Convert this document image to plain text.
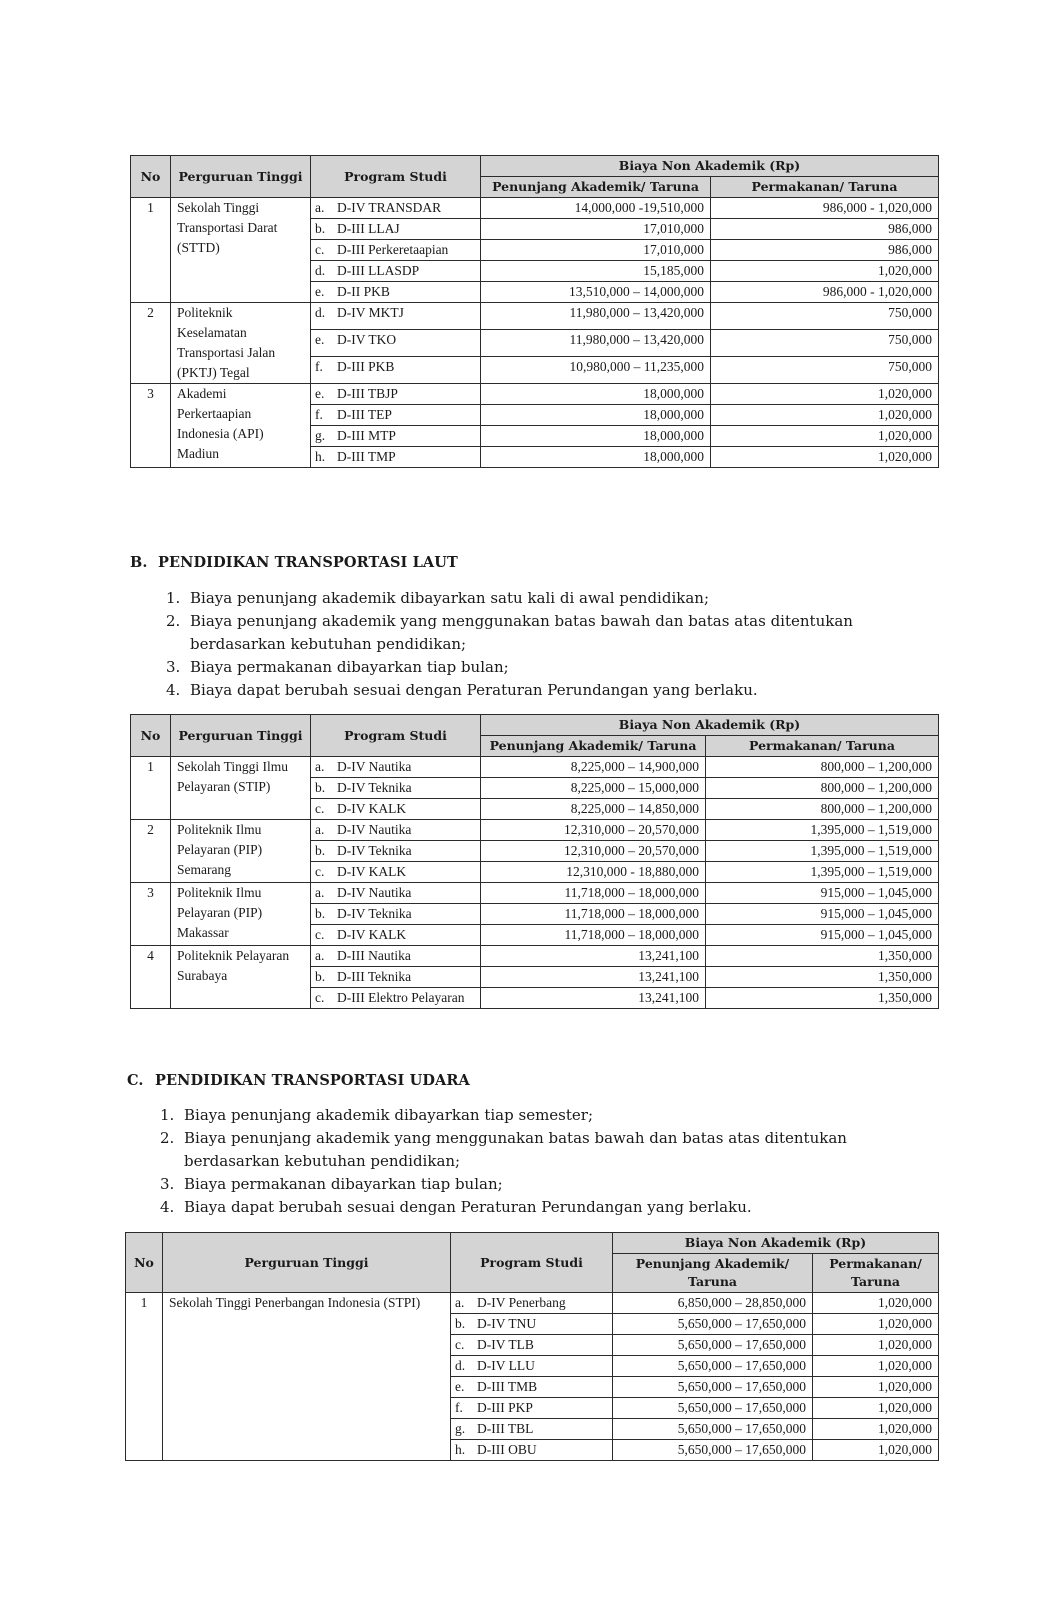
No	Perguruan Tinggi	Program Studi	Biaya Non Akademik (Rp)	
			Penunjang Akademik/ Taruna	Permakanan/ Taruna
1	Sekolah Tinggi Transportasi Darat (STTD)	a. D-IV TRANSDAR	14,000,000 -19,510,000	986,000 - 1,020,000

		b. D-III LLAJ	17,010,000	986,000

		c. D-III Perkeretaapian	17,010,000	986,000

		d. D-III LLASDP	15,185,000	1,020,000

		e. D-II PKB	13,510,000 – 14,000,000	986,000 - 1,020,000
2	Politeknik Keselamatan Transportasi Jalan (PKTJ) Tegal	d. D-IV MKTJ	11,980,000 – 13,420,000	750,000

		e. D-IV TKO	11,980,000 – 13,420,000	750,000

		f. D-III PKB	10,980,000 – 11,235,000	750,000
3	Akademi Perkertaapian Indonesia (API) Madiun	e. D-III TBJP	18,000,000	1,020,000

		f. D-III TEP	18,000,000	1,020,000

		g. D-III MTP	18,000,000	1,020,000

		h. D-III TMP	18,000,000	1,020,000
B. PENDIDIKAN TRANSPORTASI LAUT
1. Biaya penunjang akademik dibayarkan satu kali di awal pendidikan;
2. Biaya penunjang akademik yang menggunakan batas bawah dan batas atas ditentukan berdasarkan kebutuhan pendidikan;
3. Biaya permakanan dibayarkan tiap bulan;
4. Biaya dapat berubah sesuai dengan Peraturan Perundangan yang berlaku.
No	Perguruan Tinggi	Program Studi	Biaya Non Akademik (Rp)	
			Penunjang Akademik/ Taruna	Permakanan/ Taruna
1	Sekolah Tinggi Ilmu Pelayaran (STIP)	a. D-IV Nautika	8,225,000 – 14,900,000	800,000 – 1,200,000

		b. D-IV Teknika	8,225,000 – 15,000,000	800,000 – 1,200,000

		c. D-IV KALK	8,225,000 – 14,850,000	800,000 – 1,200,000
2	Politeknik Ilmu Pelayaran (PIP) Semarang	a. D-IV Nautika	12,310,000 – 20,570,000	1,395,000 – 1,519,000

		b. D-IV Teknika	12,310,000 – 20,570,000	1,395,000 – 1,519,000

		c. D-IV KALK	12,310,000 - 18,880,000	1,395,000 – 1,519,000
3	Politeknik Ilmu Pelayaran (PIP) Makassar	a. D-IV Nautika	11,718,000 – 18,000,000	915,000 – 1,045,000

		b. D-IV Teknika	11,718,000 – 18,000,000	915,000 – 1,045,000

		c. D-IV KALK	11,718,000 – 18,000,000	915,000 – 1,045,000
4	Politeknik Pelayaran Surabaya	a. D-III Nautika	13,241,100	1,350,000

		b. D-III Teknika	13,241,100	1,350,000

		c. D-III Elektro Pelayaran	13,241,100	1,350,000
C. PENDIDIKAN TRANSPORTASI UDARA
1. Biaya penunjang akademik dibayarkan tiap semester;
2. Biaya penunjang akademik yang menggunakan batas bawah dan batas atas ditentukan berdasarkan kebutuhan pendidikan;
3. Biaya permakanan dibayarkan tiap bulan;
4. Biaya dapat berubah sesuai dengan Peraturan Perundangan yang berlaku.
No	Perguruan Tinggi	Program Studi	Biaya Non Akademik (Rp)	
			Penunjang Akademik/ Taruna	Permakanan/ Taruna
1	Sekolah Tinggi Penerbangan Indonesia (STPI)	a. D-IV Penerbang	6,850,000 – 28,850,000	1,020,000

		b. D-IV TNU	5,650,000 – 17,650,000	1,020,000

		c. D-IV TLB	5,650,000 – 17,650,000	1,020,000

		d. D-IV LLU	5,650,000 – 17,650,000	1,020,000

		e. D-III TMB	5,650,000 – 17,650,000	1,020,000

		f. D-III PKP	5,650,000 – 17,650,000	1,020,000

		g. D-III TBL	5,650,000 – 17,650,000	1,020,000

		h. D-III OBU	5,650,000 – 17,650,000	1,020,000
